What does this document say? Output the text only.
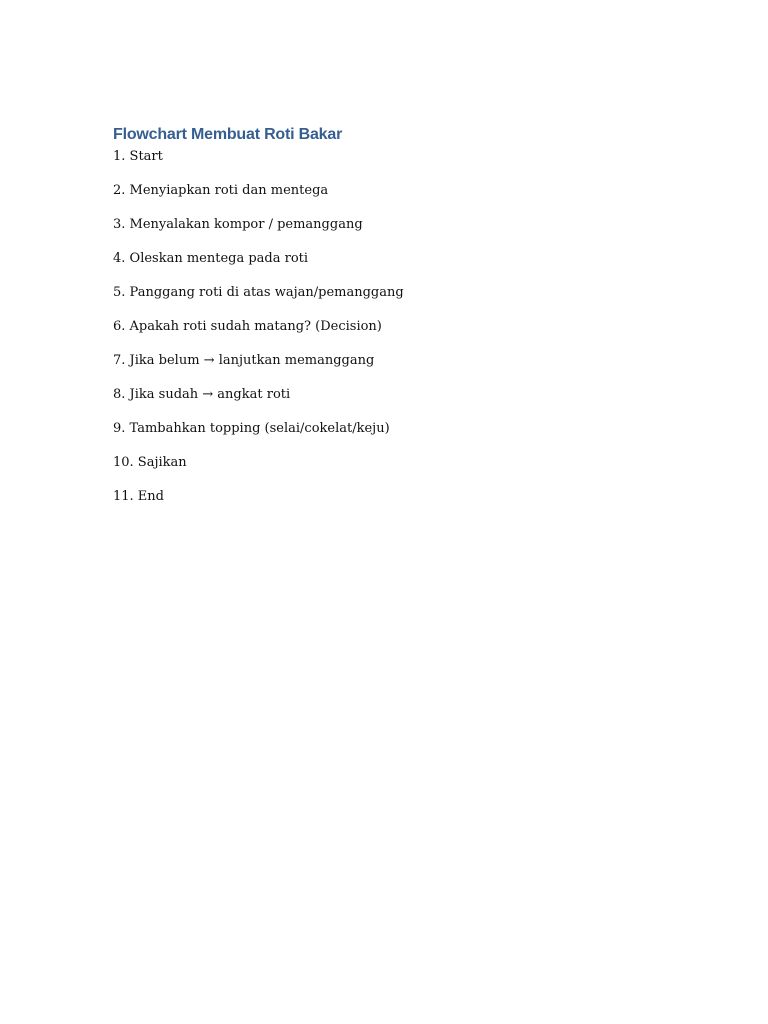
Flowchart Membuat Roti Bakar
1. Start
2. Menyiapkan roti dan mentega
3. Menyalakan kompor / pemanggang
4. Oleskan mentega pada roti
5. Panggang roti di atas wajan/pemanggang
6. Apakah roti sudah matang? (Decision)
7. Jika belum → lanjutkan memanggang
8. Jika sudah → angkat roti
9. Tambahkan topping (selai/cokelat/keju)
10. Sajikan
11. End
